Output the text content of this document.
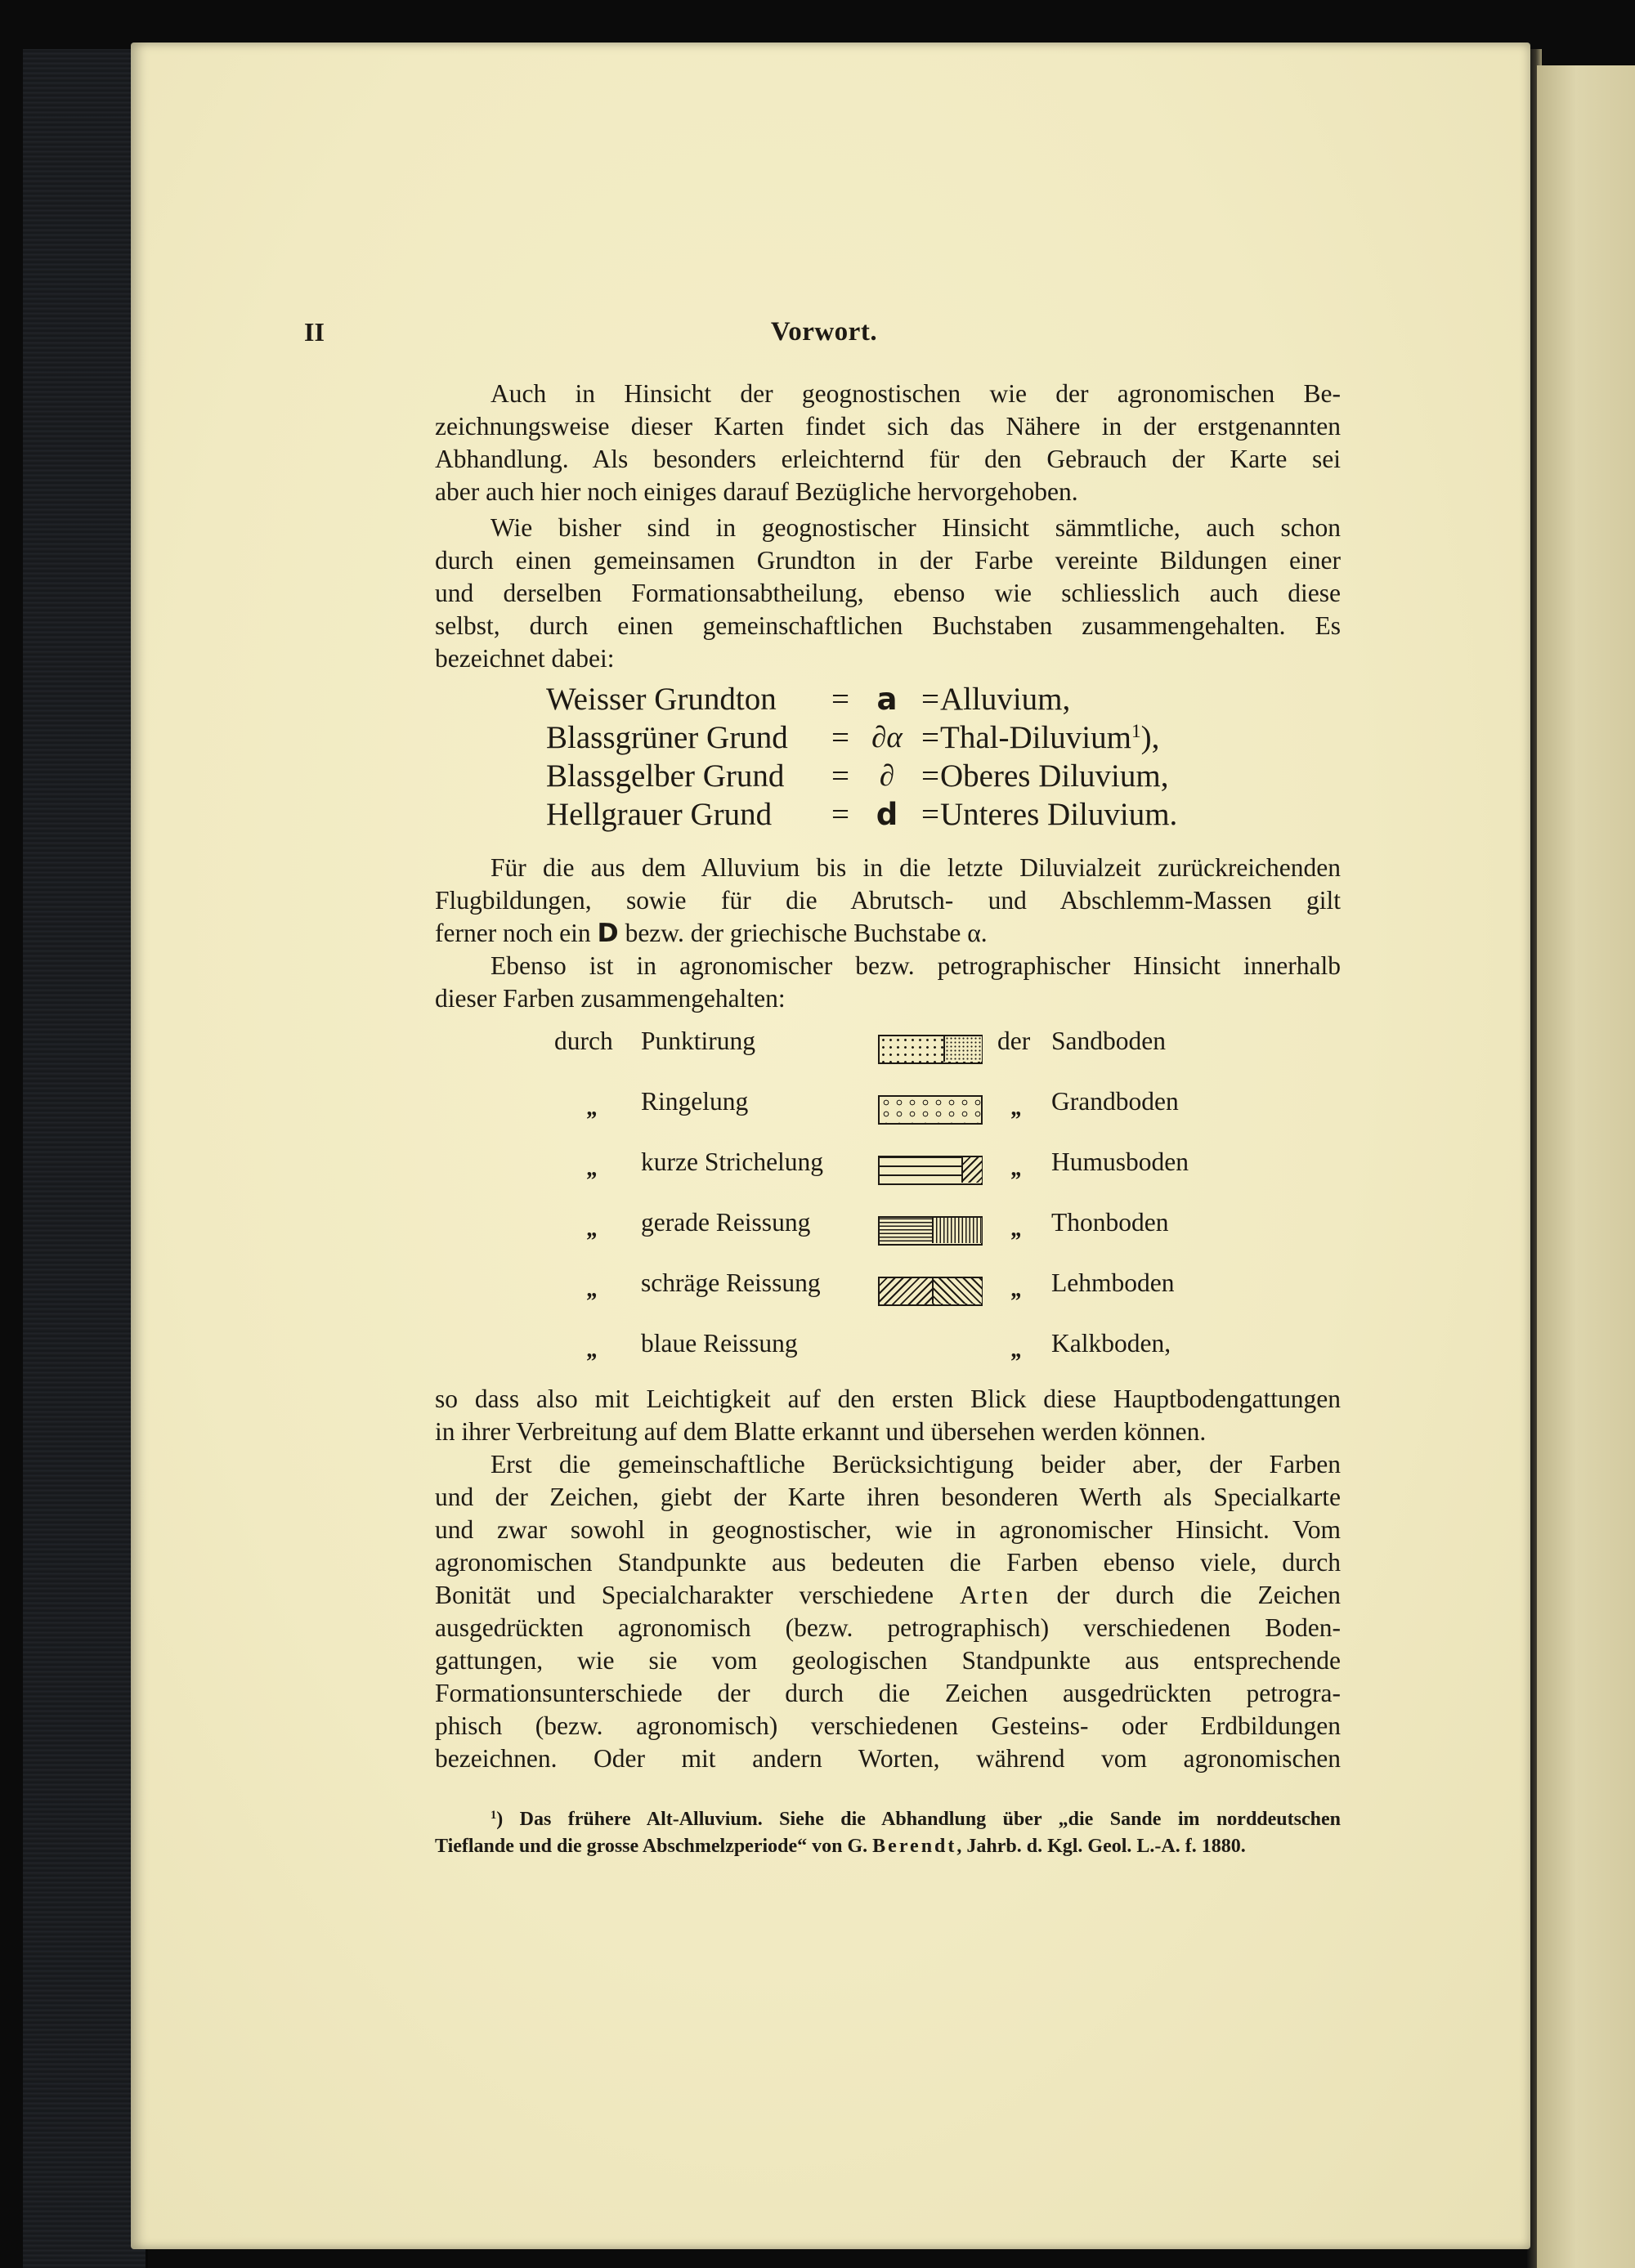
II	Vorwort.
Auch in Hinsicht der geognostischen wie der agronomischen Be-
zeichnungsweise dieser Karten findet sich das Nähere in der erstgenannten
Abhandlung. Als besonders erleichternd für den Gebrauch der Karte sei
aber auch hier noch einiges darauf Bezügliche hervorgehoben.
Wie bisher sind in geognostischer Hinsicht sämmtliche, auch schon
durch einen gemeinsamen Grundton in der Farbe vereinte Bildungen einer
und derselben Formationsabtheilung, ebenso wie schliesslich auch diese
selbst, durch einen gemeinschaftlichen Buchstaben zusammengehalten. Es
bezeichnet dabei:
Weisser Grundton	= a = Alluvium,
Blassgrüner Grund	= ∂α = Thal-Diluvium$^1$),
Blassgelber Grund	= ∂ = Oberes Diluvium,
Hellgrauer Grund	= d = Unteres Diluvium.
Für die aus dem Alluvium bis in die letzte Diluvialzeit zurückreichenden
Flugbildungen, sowie für die Abrutsch- und Abschlemm-Massen gilt
ferner noch ein D bezw. der griechische Buchstabe α.
Ebenso ist in agronomischer bezw. petrographischer Hinsicht innerhalb
dieser Farben zusammengehalten:
durch Punktirung	der Sandboden
„ Ringelung	„ Grandboden
„ kurze Strichelung	„ Humusboden
„ gerade Reissung	„ Thonboden
„ schräge Reissung	„ Lehmboden
„ blaue Reissung	„ Kalkboden,
so dass also mit Leichtigkeit auf den ersten Blick diese Hauptbodengattungen
in ihrer Verbreitung auf dem Blatte erkannt und übersehen werden können.
Erst die gemeinschaftliche Berücksichtigung beider aber, der Farben
und der Zeichen, giebt der Karte ihren besonderen Werth als Specialkarte
und zwar sowohl in geognostischer, wie in agronomischer Hinsicht. Vom
agronomischen Standpunkte aus bedeuten die Farben ebenso viele, durch
Bonität und Specialcharakter verschiedene Arten der durch die Zeichen
ausgedrückten agronomisch (bezw. petrographisch) verschiedenen Boden-
gattungen, wie sie vom geologischen Standpunkte aus entsprechende
Formationsunterschiede der durch die Zeichen ausgedrückten petrogra-
phisch (bezw. agronomisch) verschiedenen Gesteins- oder Erdbildungen
bezeichnen. Oder mit andern Worten, während vom agronomischen
$^1$) Das frühere Alt-Alluvium. Siehe die Abhandlung über „die Sande im norddeutschen
Tieflande und die grosse Abschmelzperiode“ von G. Berendt, Jahrb. d. Kgl. Geol. L.-A. f. 1880.
